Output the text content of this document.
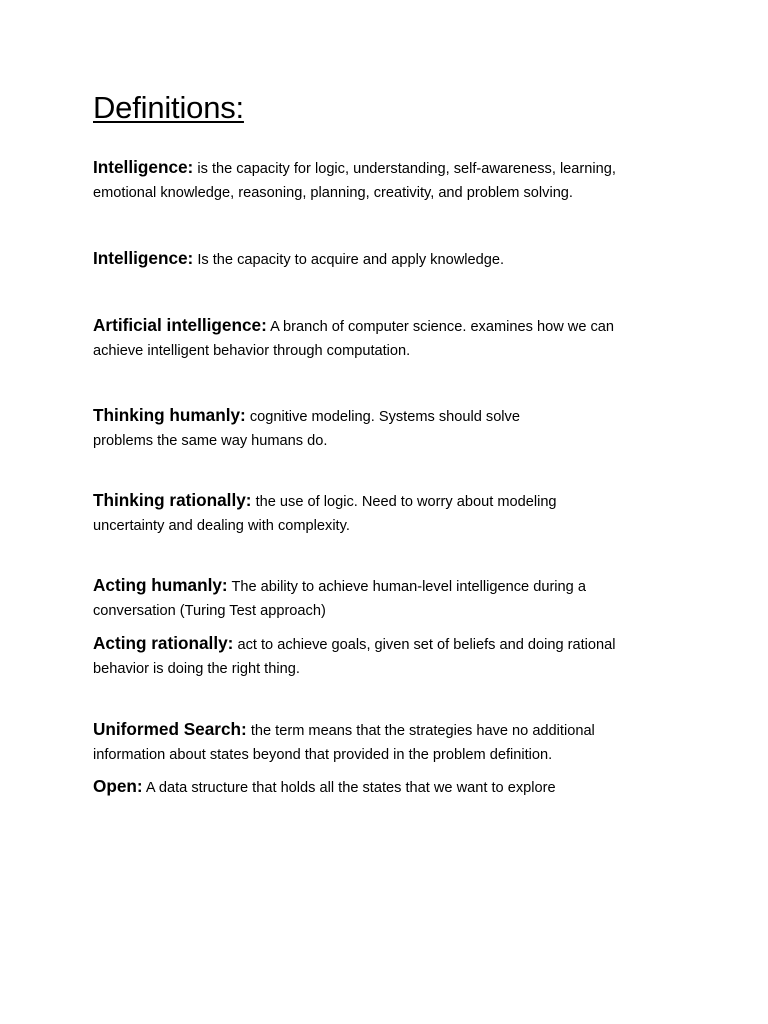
Definitions:
Intelligence: is the capacity for logic, understanding, self-awareness, learning,
emotional knowledge, reasoning, planning, creativity, and problem solving.
Intelligence: Is the capacity to acquire and apply knowledge.
Artificial intelligence: A branch of computer science. examines how we can
achieve intelligent behavior through computation.
Thinking humanly: cognitive modeling. Systems should solve
problems the same way humans do.
Thinking rationally: the use of logic. Need to worry about modeling
uncertainty and dealing with complexity.
Acting humanly: The ability to achieve human-level intelligence during a
conversation (Turing Test approach)
Acting rationally: act to achieve goals, given set of beliefs and doing rational
behavior is doing the right thing.
Uniformed Search: the term means that the strategies have no additional
information about states beyond that provided in the problem definition.
Open: A data structure that holds all the states that we want to explore
